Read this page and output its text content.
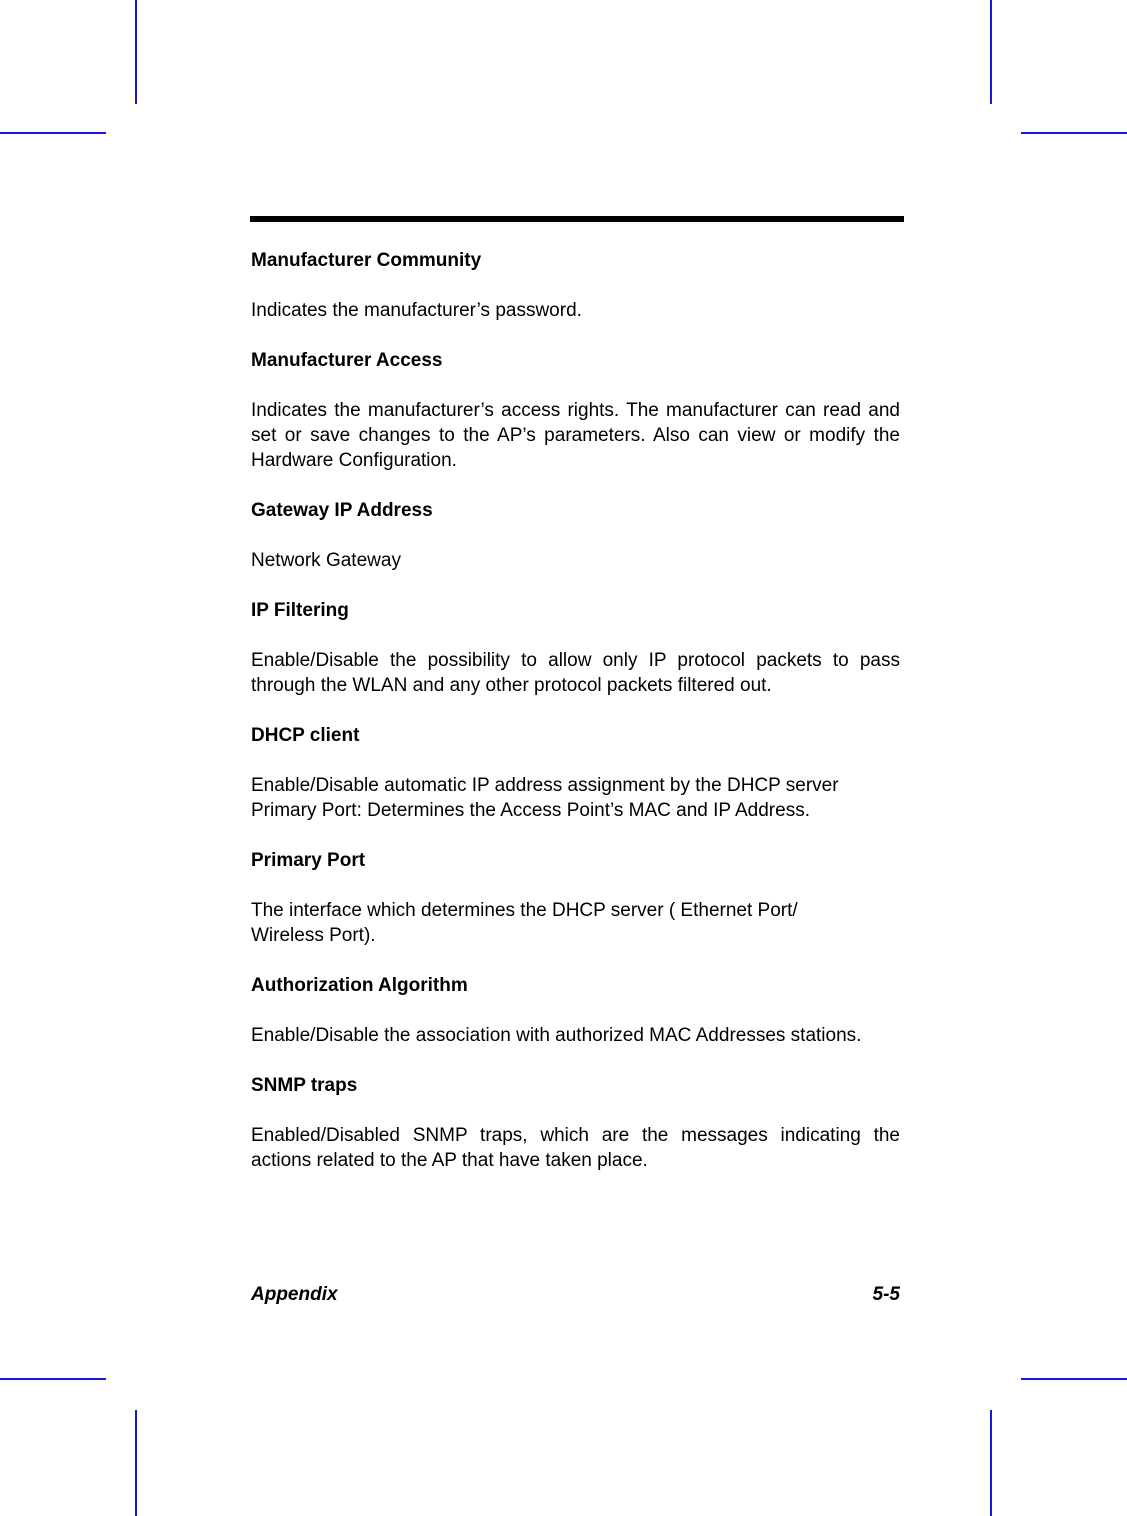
Manufacturer Community
Indicates the manufacturer’s password.
Manufacturer Access
Indicates the manufacturer’s access rights. The manufacturer can read and set or save changes to the AP’s parameters. Also can view or modify the Hardware Configuration.
Gateway IP Address
Network Gateway
IP Filtering
Enable/Disable the possibility to allow only IP protocol packets to pass through the WLAN and any other protocol packets filtered out.
DHCP client
Enable/Disable automatic IP address assignment by the DHCP server
Primary Port: Determines the Access Point’s MAC and IP Address.
Primary Port
The interface which determines the DHCP server ( Ethernet Port/
Wireless Port).
Authorization Algorithm
Enable/Disable the association with authorized MAC Addresses stations.
SNMP traps
Enabled/Disabled SNMP traps, which are the messages indicating the actions related to the AP that have taken place.
Appendix	5-5
